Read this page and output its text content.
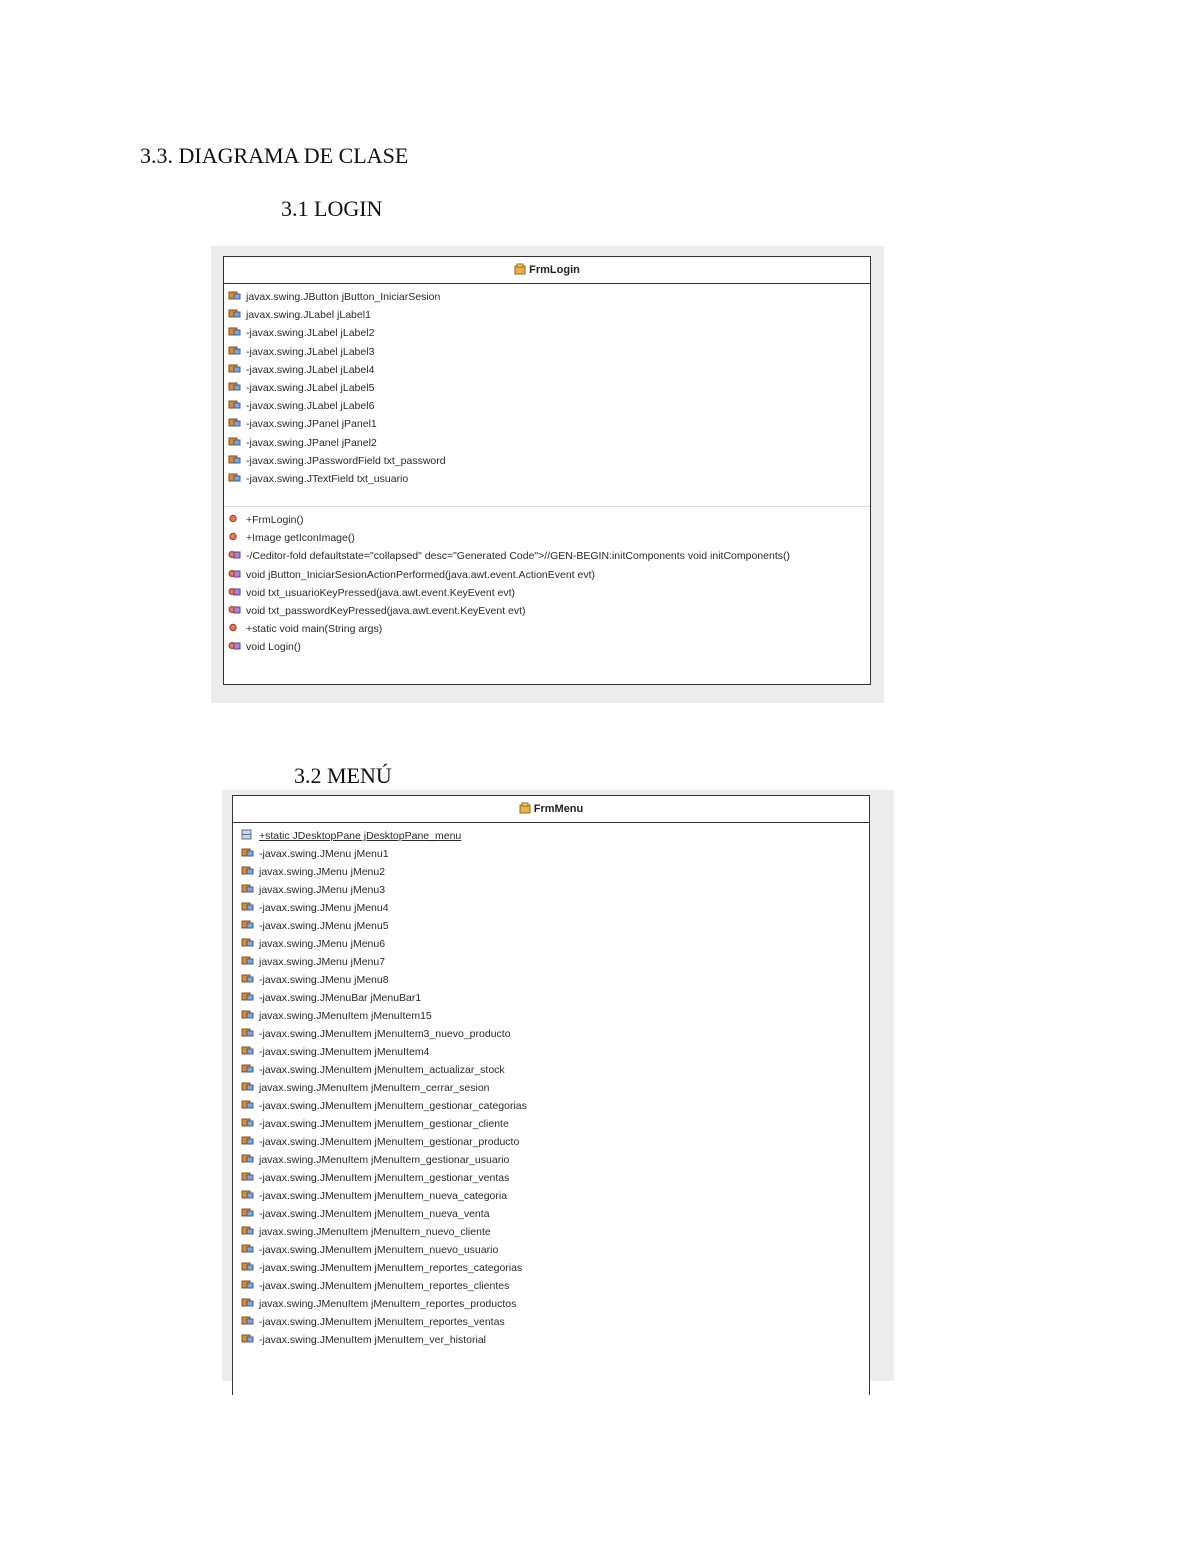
3.3. DIAGRAMA DE CLASE
3.1 LOGIN
FrmLogin
javax.swing.JButton jButton_IniciarSesion
javax.swing.JLabel jLabel1
-javax.swing.JLabel jLabel2
-javax.swing.JLabel jLabel3
-javax.swing.JLabel jLabel4
-javax.swing.JLabel jLabel5
-javax.swing.JLabel jLabel6
-javax.swing.JPanel jPanel1
-javax.swing.JPanel jPanel2
-javax.swing.JPasswordField txt_password
-javax.swing.JTextField txt_usuario
+FrmLogin()
+Image getIconImage()
-/Ceditor-fold defaultstate="collapsed" desc="Generated Code">//GEN-BEGIN:initComponents void initComponents()
void jButton_IniciarSesionActionPerformed(java.awt.event.ActionEvent evt)
void txt_usuarioKeyPressed(java.awt.event.KeyEvent evt)
void txt_passwordKeyPressed(java.awt.event.KeyEvent evt)
+static void main(String args)
void Login()
3.2 MENÚ
FrmMenu
+static JDesktopPane jDesktopPane_menu
-javax.swing.JMenu jMenu1
javax.swing.JMenu jMenu2
javax.swing.JMenu jMenu3
-javax.swing.JMenu jMenu4
-javax.swing.JMenu jMenu5
javax.swing.JMenu jMenu6
javax.swing.JMenu jMenu7
-javax.swing.JMenu jMenu8
-javax.swing.JMenuBar jMenuBar1
javax.swing.JMenuItem jMenuItem15
-javax.swing.JMenuItem jMenuItem3_nuevo_producto
-javax.swing.JMenuItem jMenuItem4
-javax.swing.JMenuItem jMenuItem_actualizar_stock
javax.swing.JMenuItem jMenuItem_cerrar_sesion
-javax.swing.JMenuItem jMenuItem_gestionar_categorias
-javax.swing.JMenuItem jMenuItem_gestionar_cliente
-javax.swing.JMenuItem jMenuItem_gestionar_producto
javax.swing.JMenuItem jMenuItem_gestionar_usuario
-javax.swing.JMenuItem jMenuItem_gestionar_ventas
-javax.swing.JMenuItem jMenuItem_nueva_categoria
-javax.swing.JMenuItem jMenuItem_nueva_venta
javax.swing.JMenuItem jMenuItem_nuevo_cliente
-javax.swing.JMenuItem jMenuItem_nuevo_usuario
-javax.swing.JMenuItem jMenuItem_reportes_categorias
-javax.swing.JMenuItem jMenuItem_reportes_clientes
javax.swing.JMenuItem jMenuItem_reportes_productos
-javax.swing.JMenuItem jMenuItem_reportes_ventas
-javax.swing.JMenuItem jMenuItem_ver_historial
